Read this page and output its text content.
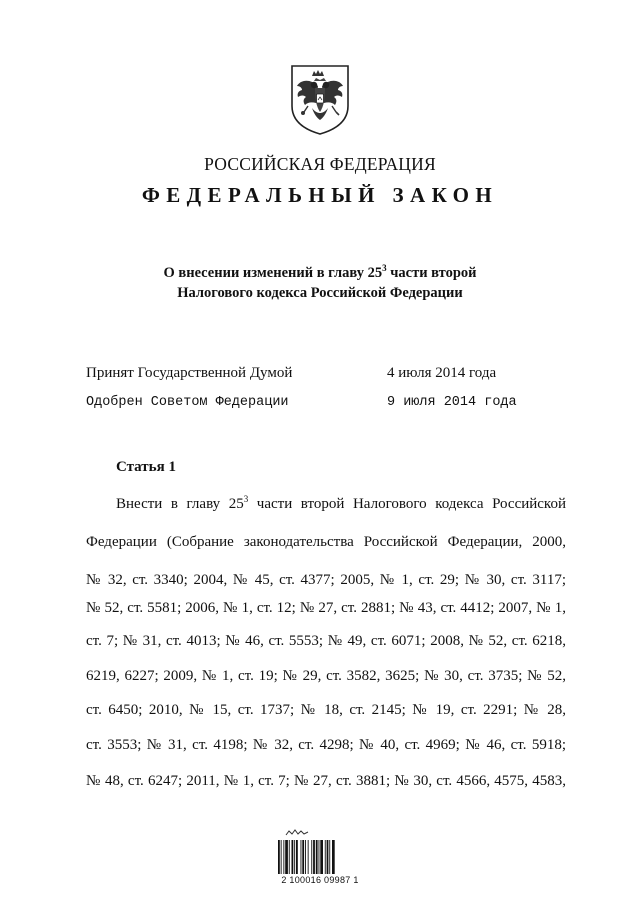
РОССИЙСКАЯ ФЕДЕРАЦИЯ
ФЕДЕРАЛЬНЫЙ ЗАКОН
О внесении изменений в главу $25^3$ части второй
Налогового кодекса Российской Федерации
Принят Государственной Думой	4 июля 2014 года
Одобрен Советом Федерации	9 июля 2014 года
Статья 1
Внести в главу $25^3$ части второй Налогового кодекса Российской
Федерации (Собрание законодательства Российской Федерации, 2000,
№ 32, ст. 3340; 2004, № 45, ст. 4377; 2005, № 1, ст. 29; № 30, ст. 3117;
№ 52, ст. 5581; 2006, № 1, ст. 12; № 27, ст. 2881; № 43, ст. 4412; 2007, № 1,
ст. 7; № 31, ст. 4013; № 46, ст. 5553; № 49, ст. 6071; 2008, № 52, ст. 6218,
6219, 6227; 2009, № 1, ст. 19; № 29, ст. 3582, 3625; № 30, ст. 3735; № 52,
ст. 6450; 2010, № 15, ст. 1737; № 18, ст. 2145; № 19, ст. 2291; № 28,
ст. 3553; № 31, ст. 4198; № 32, ст. 4298; № 40, ст. 4969; № 46, ст. 5918;
№ 48, ст. 6247; 2011, № 1, ст. 7; № 27, ст. 3881; № 30, ст. 4566, 4575, 4583,
2 100016 09987 1
